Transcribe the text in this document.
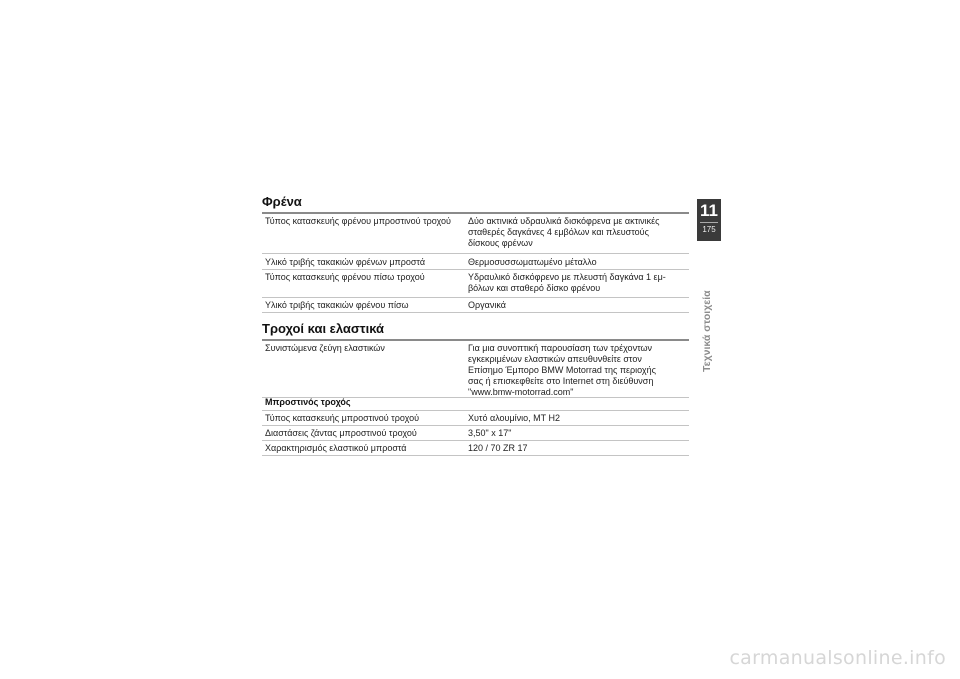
Φρένα
Τύπος κατασκευής φρένου μπροστινού τροχού	Δύο ακτινικά υδραυλικά δισκόφρενα με ακτινικές
σταθερές δαγκάνες 4 εμβόλων και πλευστούς
δίσκους φρένων
Υλικό τριβής τακακιών φρένων μπροστά	Θερμοσυσσωματωμένο μέταλλο
Τύπος κατασκευής φρένου πίσω τροχού	Υδραυλικό δισκόφρενο με πλευστή δαγκάνα 1 εμ-
βόλων και σταθερό δίσκο φρένου
Υλικό τριβής τακακιών φρένου πίσω	Οργανικά
Τροχοί και ελαστικά
Συνιστώμενα ζεύγη ελαστικών	Για μια συνοπτική παρουσίαση των τρέχοντων
εγκεκριμένων ελαστικών απευθυνθείτε στον
Επίσημο Έμπορο BMW Motorrad της περιοχής
σας ή επισκεφθείτε στο Internet στη διεύθυνση
"www.bmw-motorrad.com"
Μπροστινός τροχός
Τύπος κατασκευής μπροστινού τροχού	Χυτό αλουμίνιο, MT H2
Διαστάσεις ζάντας μπροστινού τροχού	3,50" x 17"
Χαρακτηρισμός ελαστικού μπροστά	120 / 70 ZR 17
11
175
Τεχνικά στοιχεία
carmanualsonline.info
